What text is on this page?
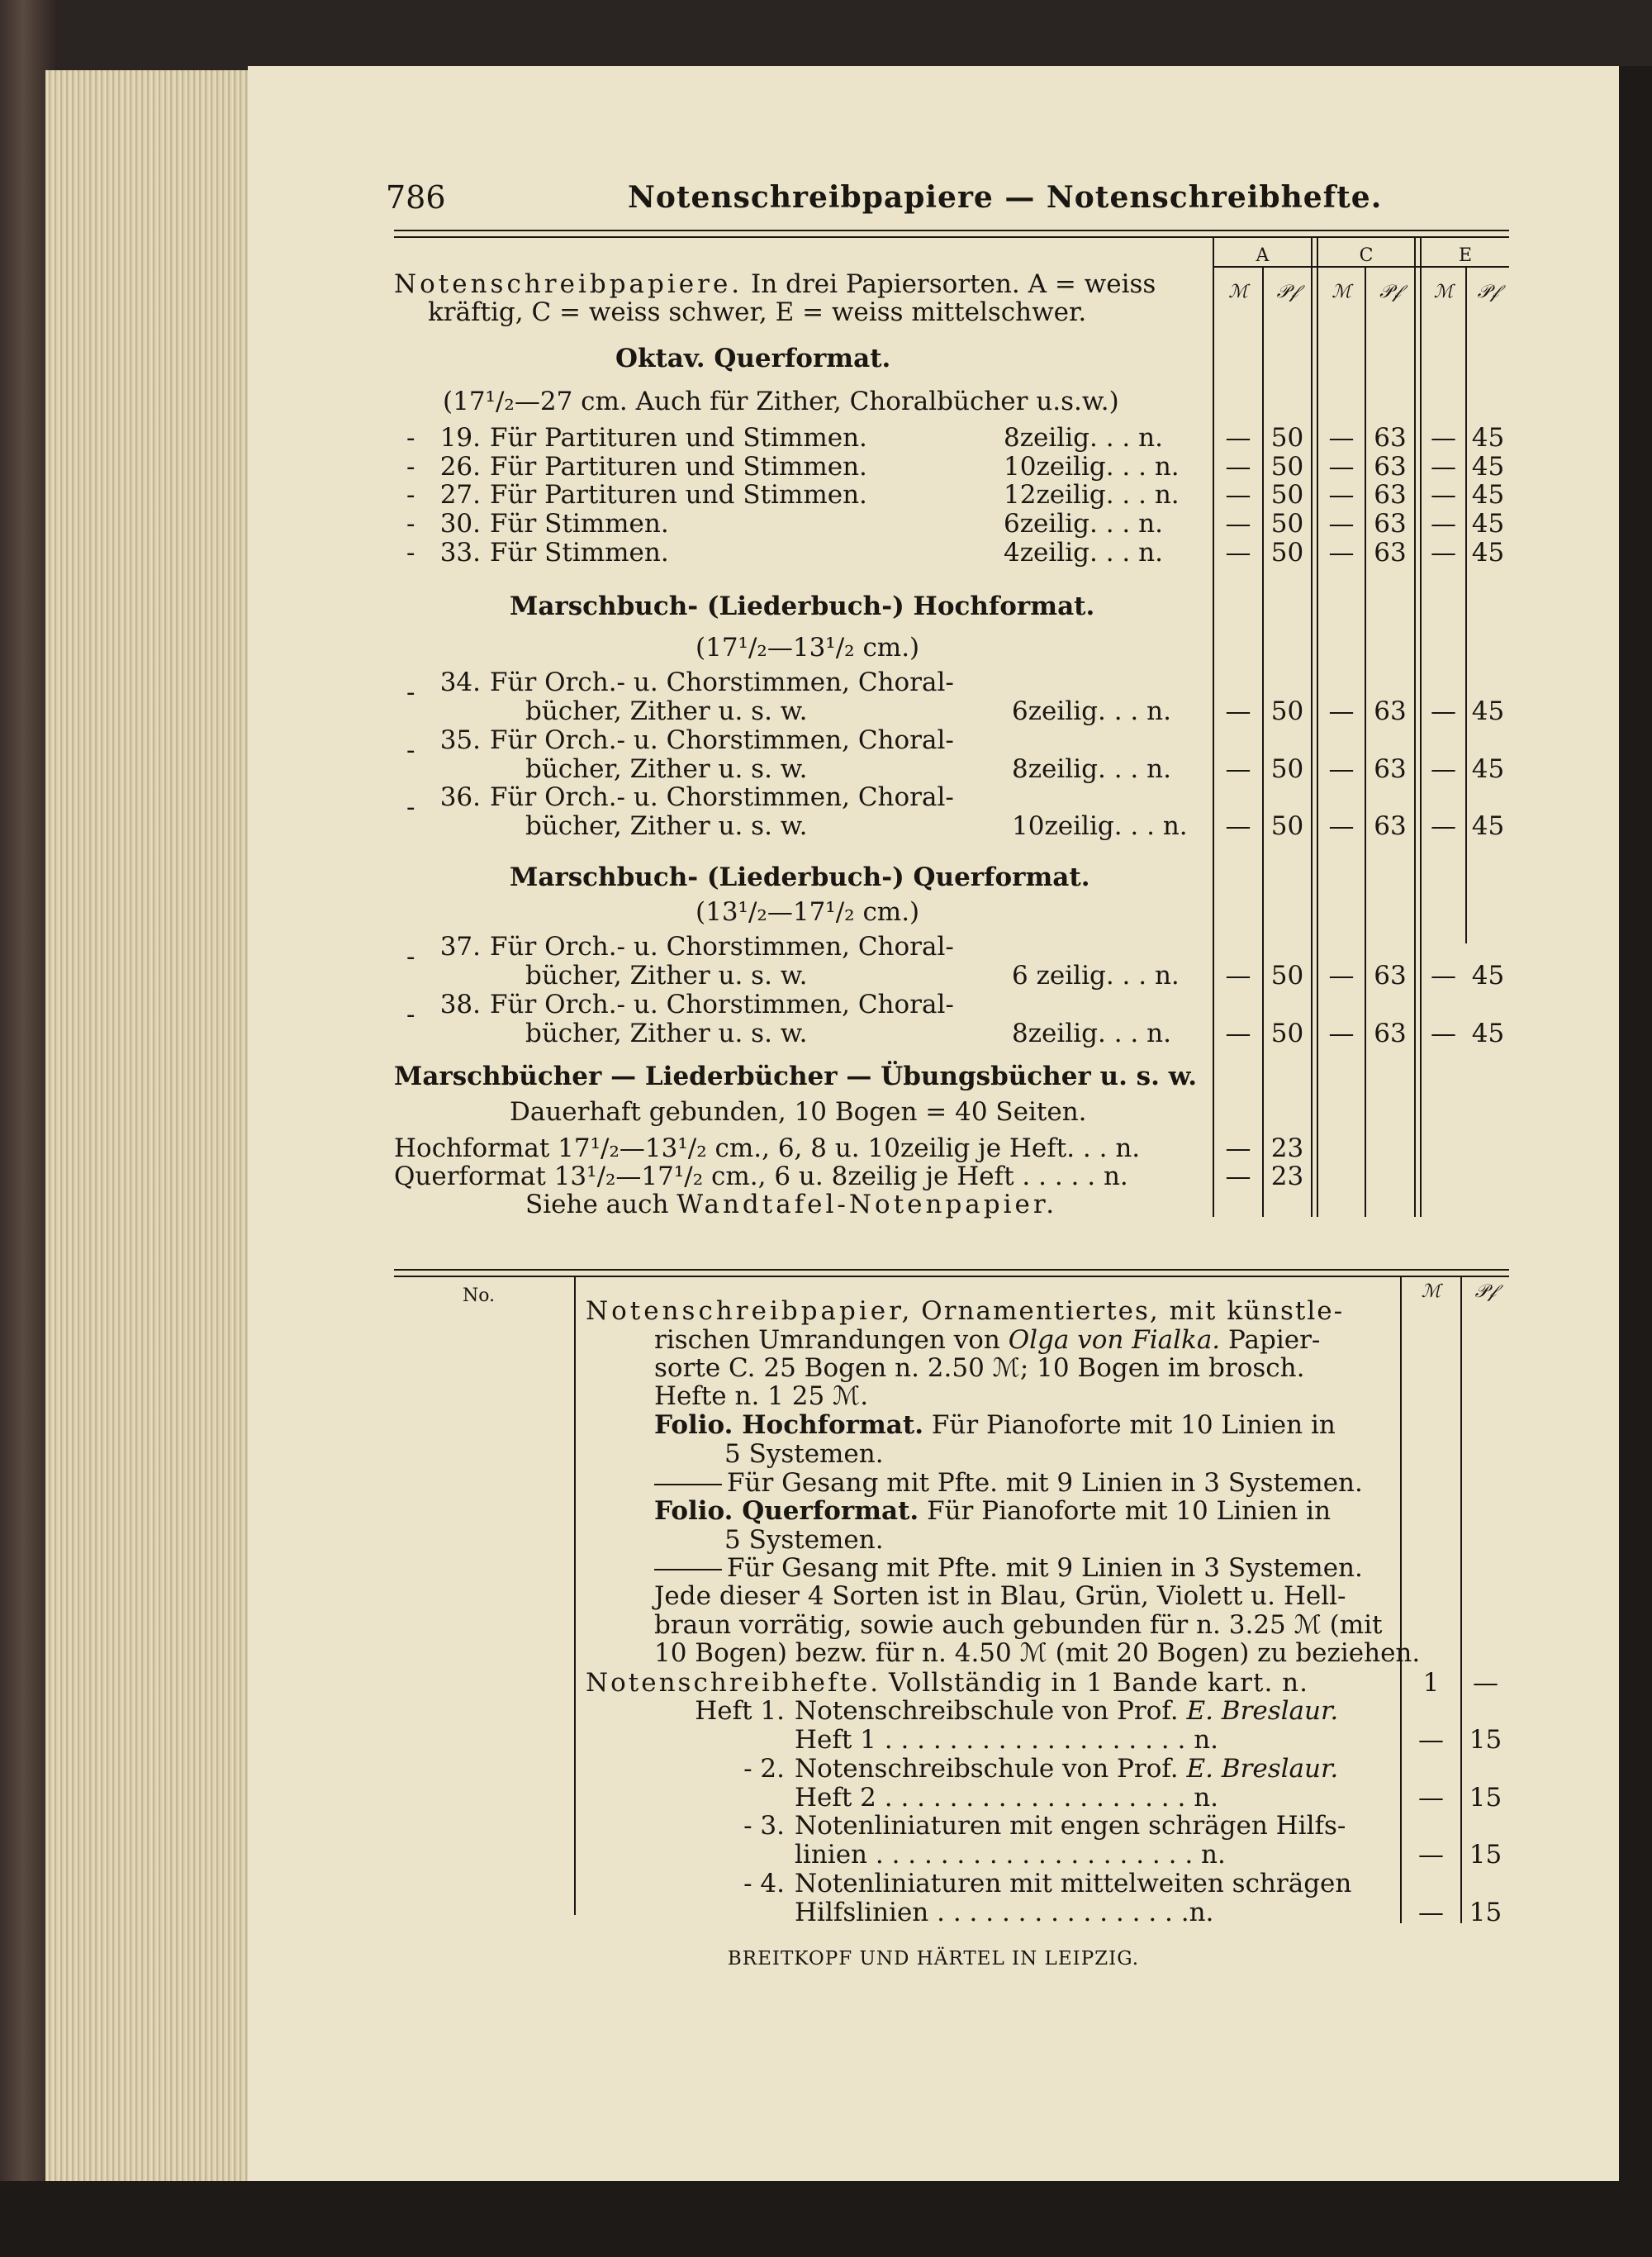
786	Notenschreibpapiere — Notenschreibhefte.
A	C	E
ℳ	𝒫𝒻	ℳ	𝒫𝒻	ℳ	𝒫𝒻
Notenschreibpapiere. In drei Papiersorten. A = weiss
kräftig, C = weiss schwer, E = weiss mittelschwer.
Oktav. Querformat.
(17¹/₂—27 cm. Auch für Zither, Choralbücher u.s.w.)
- 19. Für Partituren und Stimmen.	8zeilig. . . n.	— 50 — 63 — 45
- 26. Für Partituren und Stimmen.	10zeilig. . . n.	— 50 — 63 — 45
- 27. Für Partituren und Stimmen.	12zeilig. . . n.	— 50 — 63 — 45
- 30. Für Stimmen.	6zeilig. . . n.	— 50 — 63 — 45
- 33. Für Stimmen.	4zeilig. . . n.	— 50 — 63 — 45
Marschbuch- (Liederbuch-) Hochformat.
(17¹/₂—13¹/₂ cm.)
- 34. Für Orch.- u. Chorstimmen, Choral-
bücher, Zither u. s. w.	6zeilig. . . n.	— 50 — 63 — 45
- 35. Für Orch.- u. Chorstimmen, Choral-
bücher, Zither u. s. w.	8zeilig. . . n.	— 50 — 63 — 45
- 36. Für Orch.- u. Chorstimmen, Choral-
bücher, Zither u. s. w.	10zeilig. . . n.	— 50 — 63 — 45
Marschbuch- (Liederbuch-) Querformat.
(13¹/₂—17¹/₂ cm.)
- 37. Für Orch.- u. Chorstimmen, Choral-
bücher, Zither u. s. w.	6 zeilig. . . n.	— 50 — 63 — 45
- 38. Für Orch.- u. Chorstimmen, Choral-
bücher, Zither u. s. w.	8zeilig. . . n.	— 50 — 63 — 45
Marschbücher — Liederbücher — Übungsbücher u. s. w.
Dauerhaft gebunden, 10 Bogen = 40 Seiten.
Hochformat 17¹/₂—13¹/₂ cm., 6, 8 u. 10zeilig je Heft. . . n.	— 23
Querformat 13¹/₂—17¹/₂ cm., 6 u. 8zeilig je Heft . . . . . n.	— 23
Siehe auch Wandtafel-Notenpapier.
No.	ℳ	𝒫𝒻
Notenschreibpapier, Ornamentiertes, mit künstle-
rischen Umrandungen von Olga von Fialka. Papier-
sorte C. 25 Bogen n. 2.50 ℳ; 10 Bogen im brosch.
Hefte n. 1 25 ℳ.
Folio. Hochformat. Für Pianoforte mit 10 Linien in
5 Systemen.
Für Gesang mit Pfte. mit 9 Linien in 3 Systemen.
Folio. Querformat. Für Pianoforte mit 10 Linien in
5 Systemen.
Für Gesang mit Pfte. mit 9 Linien in 3 Systemen.
Jede dieser 4 Sorten ist in Blau, Grün, Violett u. Hell-
braun vorrätig, sowie auch gebunden für n. 3.25 ℳ (mit
10 Bogen) bezw. für n. 4.50 ℳ (mit 20 Bogen) zu beziehen.
Notenschreibhefte. Vollständig in 1 Bande kart. n.	1	—
Heft 1. Notenschreibschule von Prof. E. Breslaur.
Heft 1 . . . . . . . . . . . . . . . . . . . n.	— 15
- 2. Notenschreibschule von Prof. E. Breslaur.
Heft 2 . . . . . . . . . . . . . . . . . . . n.	— 15
- 3. Notenliniaturen mit engen schrägen Hilfs-
linien . . . . . . . . . . . . . . . . . . . . n.	— 15
- 4. Notenliniaturen mit mittelweiten schrägen
Hilfslinien . . . . . . . . . . . . . . . .n.	— 15
BREITKOPF UND HÄRTEL IN LEIPZIG.
